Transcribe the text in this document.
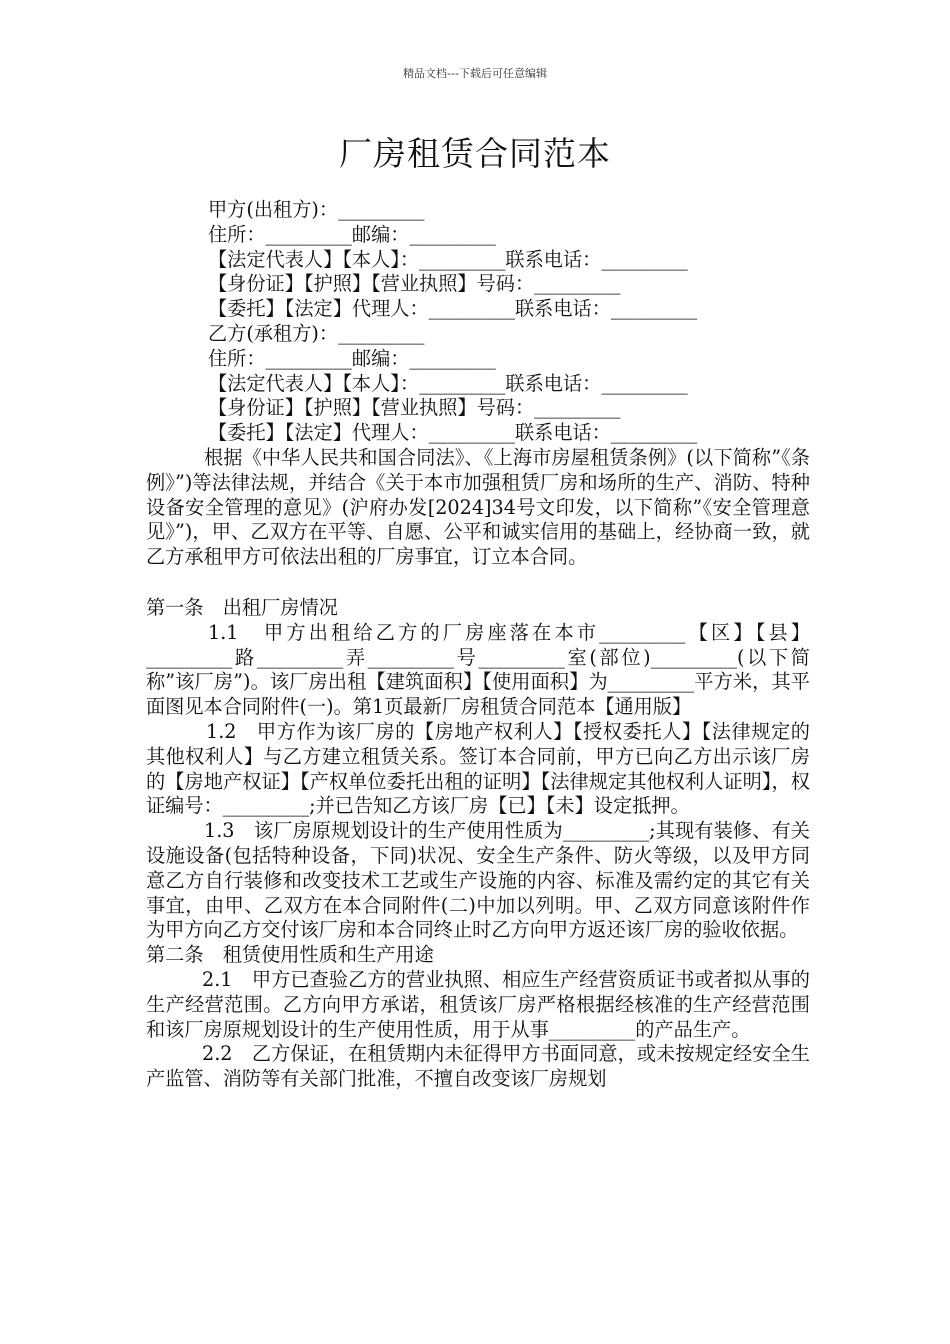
精品文档---下载后可任意编辑
厂房租赁合同范本

甲方(出租方)：_________

住所：_________邮编：_________

【法定代表人】【本人】：_________联系电话：_________

【身份证】【护照】【营业执照】号码：_________

【委托】【法定】代理人：_________联系电话：_________

乙方(承租方)：_________

住所：_________邮编：_________

【法定代表人】【本人】：_________联系电话：_________

【身份证】【护照】【营业执照】号码：_________

【委托】【法定】代理人：_________联系电话：_________

根据《中华人民共和国合同法》、《上海市房屋租赁条例》(以下简称”《条例》”)等法律法规，并结合《关于本市加强租赁厂房和场所的生产、消防、特种设备安全管理的意见》(沪府办发[2024]34号文印发，以下简称”《安全管理意见》”)，甲、乙双方在平等、自愿、公平和诚实信用的基础上，经协商一致，就乙方承租甲方可依法出租的厂房事宜，订立本合同。

第一条　出租厂房情况

1.1　甲方出租给乙方的厂房座落在本市_________【区】【县】_________路_________弄_________号_________室(部位)_________(以下简称”该厂房”)。该厂房出租【建筑面积】【使用面积】为_________平方米，其平面图见本合同附件(一)。第1页最新厂房租赁合同范本【通用版】

1.2　甲方作为该厂房的【房地产权利人】【授权委托人】【法律规定的其他权利人】与乙方建立租赁关系。签订本合同前，甲方已向乙方出示该厂房的【房地产权证】【产权单位委托出租的证明】【法律规定其他权利人证明】，权证编号：_________;并已告知乙方该厂房【已】【未】设定抵押。

1.3　该厂房原规划设计的生产使用性质为_________;其现有装修、有关设施设备(包括特种设备，下同)状况、安全生产条件、防火等级，以及甲方同意乙方自行装修和改变技术工艺或生产设施的内容、标准及需约定的其它有关事宜，由甲、乙双方在本合同附件(二)中加以列明。甲、乙双方同意该附件作为甲方向乙方交付该厂房和本合同终止时乙方向甲方返还该厂房的验收依据。

第二条　租赁使用性质和生产用途

2.1　甲方已查验乙方的营业执照、相应生产经营资质证书或者拟从事的生产经营范围。乙方向甲方承诺，租赁该厂房严格根据经核准的生产经营范围和该厂房原规划设计的生产使用性质，用于从事_________的产品生产。

2.2　乙方保证，在租赁期内未征得甲方书面同意，或未按规定经安全生产监管、消防等有关部门批准，不擅自改变该厂房规划
